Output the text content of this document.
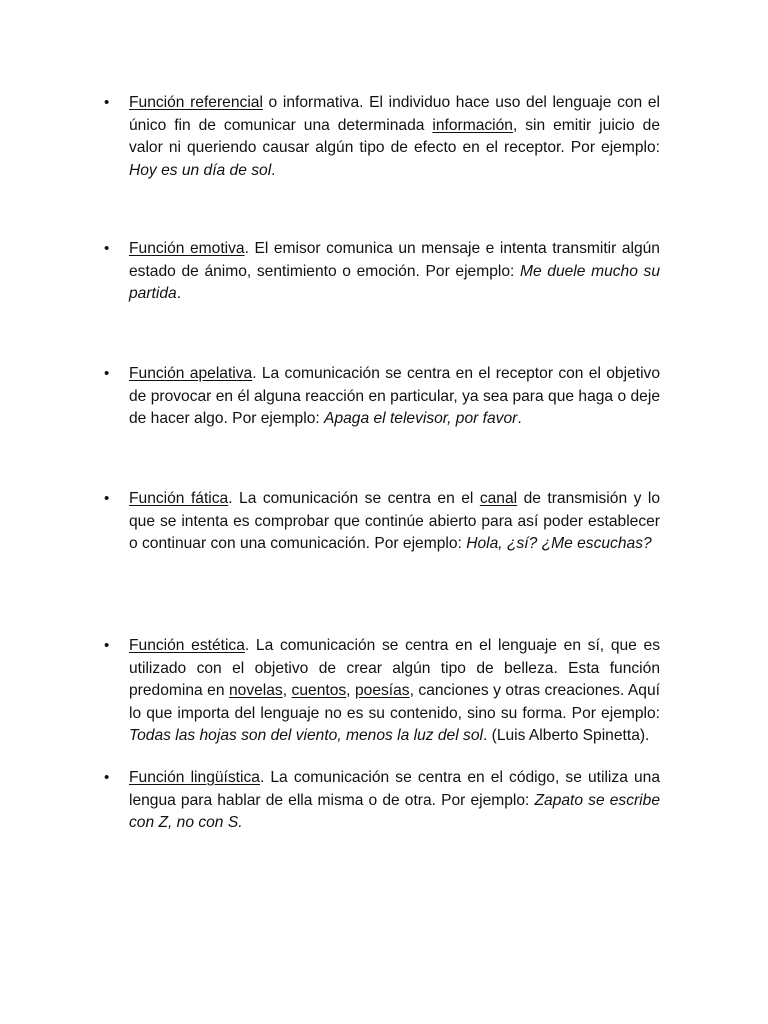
•	Función referencial o informativa. El individuo hace uso del lenguaje con el único fin de comunicar una determinada información, sin emitir juicio de valor ni queriendo causar algún tipo de efecto en el receptor. Por ejemplo: Hoy es un día de sol.
•	Función emotiva. El emisor comunica un mensaje e intenta transmitir algún estado de ánimo, sentimiento o emoción. Por ejemplo: Me duele mucho su partida.
•	Función apelativa. La comunicación se centra en el receptor con el objetivo de provocar en él alguna reacción en particular, ya sea para que haga o deje de hacer algo. Por ejemplo: Apaga el televisor, por favor.
•	Función fática. La comunicación se centra en el canal de transmisión y lo que se intenta es comprobar que continúe abierto para así poder establecer o continuar con una comunicación. Por ejemplo: Hola, ¿sí? ¿Me escuchas?
•	Función estética. La comunicación se centra en el lenguaje en sí, que es utilizado con el objetivo de crear algún tipo de belleza. Esta función predomina en novelas, cuentos, poesías, canciones y otras creaciones. Aquí lo que importa del lenguaje no es su contenido, sino su forma. Por ejemplo: Todas las hojas son del viento, menos la luz del sol. (Luis Alberto Spinetta).
•	Función lingüística. La comunicación se centra en el código, se utiliza una lengua para hablar de ella misma o de otra. Por ejemplo: Zapato se escribe con Z, no con S.
